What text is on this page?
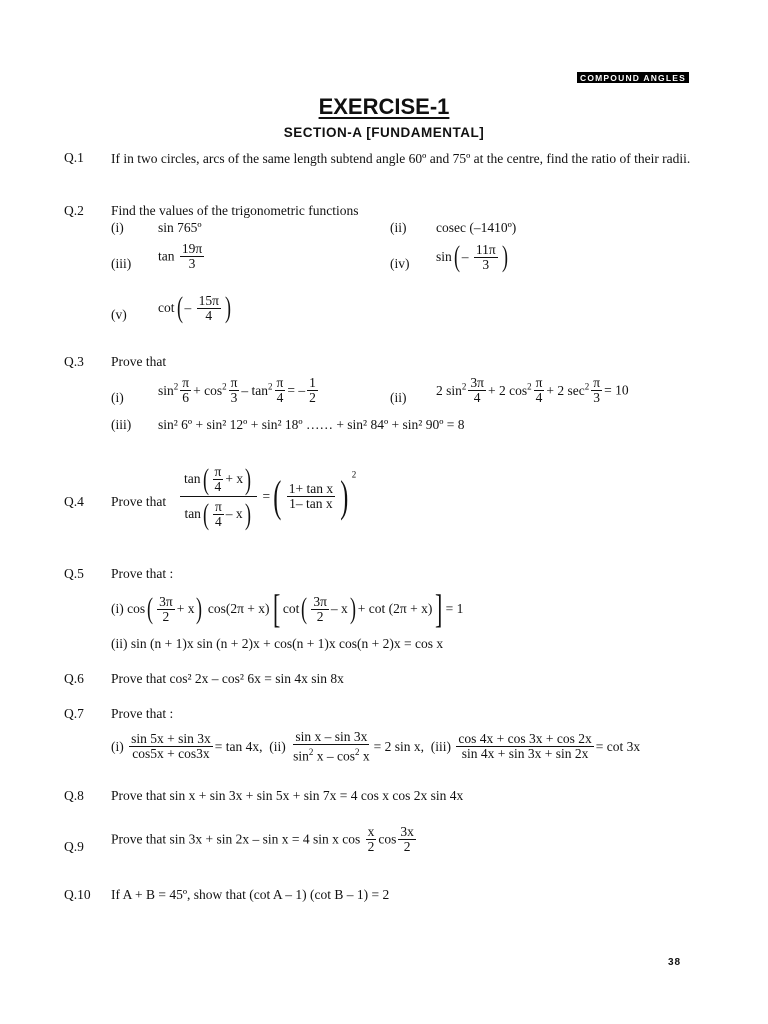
COMPOUND ANGLES
EXERCISE-1
SECTION-A [FUNDAMENTAL]
Q.1 If in two circles, arcs of the same length subtend angle 60º and 75º at the centre, find the ratio of their radii.
Q.2 Find the values of the trigonometric functions
(i)	sin 765º	(ii) cosec (–1410º)
(iii) $\tan \frac{19\pi}{3}$	(iv) $\sin( - \frac{11\pi}{3}$ )
(v) $\cot( - \frac{15\pi}{4}$ )
Q.3 Prove that
(i)	$\sin^2 \frac{\pi}{6} + \cos^2 \frac{\pi}{3} - \tan^2 \frac{\pi}{4}$ = – $\frac{1}{2}$	(ii) 2 $\sin^2 \frac{3\pi}{4} + 2$ $\cos^2 \frac{\pi}{4} + 2$ $\sec^2 \frac{\pi}{3} = 10$
(iii) sin² 6º + sin² 12º + sin² 18º …… + sin² 84º + sin² 90º = 8
Q.4 Prove that $\frac{\tan( \frac{\pi}{4} + x)}{\tan( \frac{\pi}{4} - x)}$ =( $\frac{\text{1+ tan x}}{\text{1– tan x}}$ ) $^2$
Q.5 Prove that :
(i) $\cos( \frac{3\pi}{2} + x)$ cos(2π + x)[ $\cot( \frac{3\pi}{2} - x) + \cot (2\pi + x)] = 1$
(ii) sin (n + 1)x sin (n + 2)x + cos(n + 1)x cos(n + 2)x = cos x
Q.6 Prove that cos² 2x – cos² 6x = sin 4x sin 8x
Q.7 Prove that :
$(i) \frac{\sin 5x + \sin 3x}{\cos 5x + \cos 3x} = \tan 4x$,  $(ii) \frac{\text{sin x – sin 3x}}{\sin^2 x - \cos^2 x} = 2$ sin x,  $(iii) \frac{\cos 4x + \cos 3x + \cos 2x}{\sin 4x + \sin 3x + \sin 2x} = \cot 3x$
Q.8 Prove that sin x + sin 3x + sin 5x + sin 7x = 4 cos x cos 2x sin 4x
Q.9 Prove that sin 3x + sin 2x – sin x = 4 sin x $\cos \frac{x}{2}$ $\cos \frac{3x}{2}$
Q.10 If A + B = 45º, show that (cot A – 1) (cot B – 1) = 2
38
